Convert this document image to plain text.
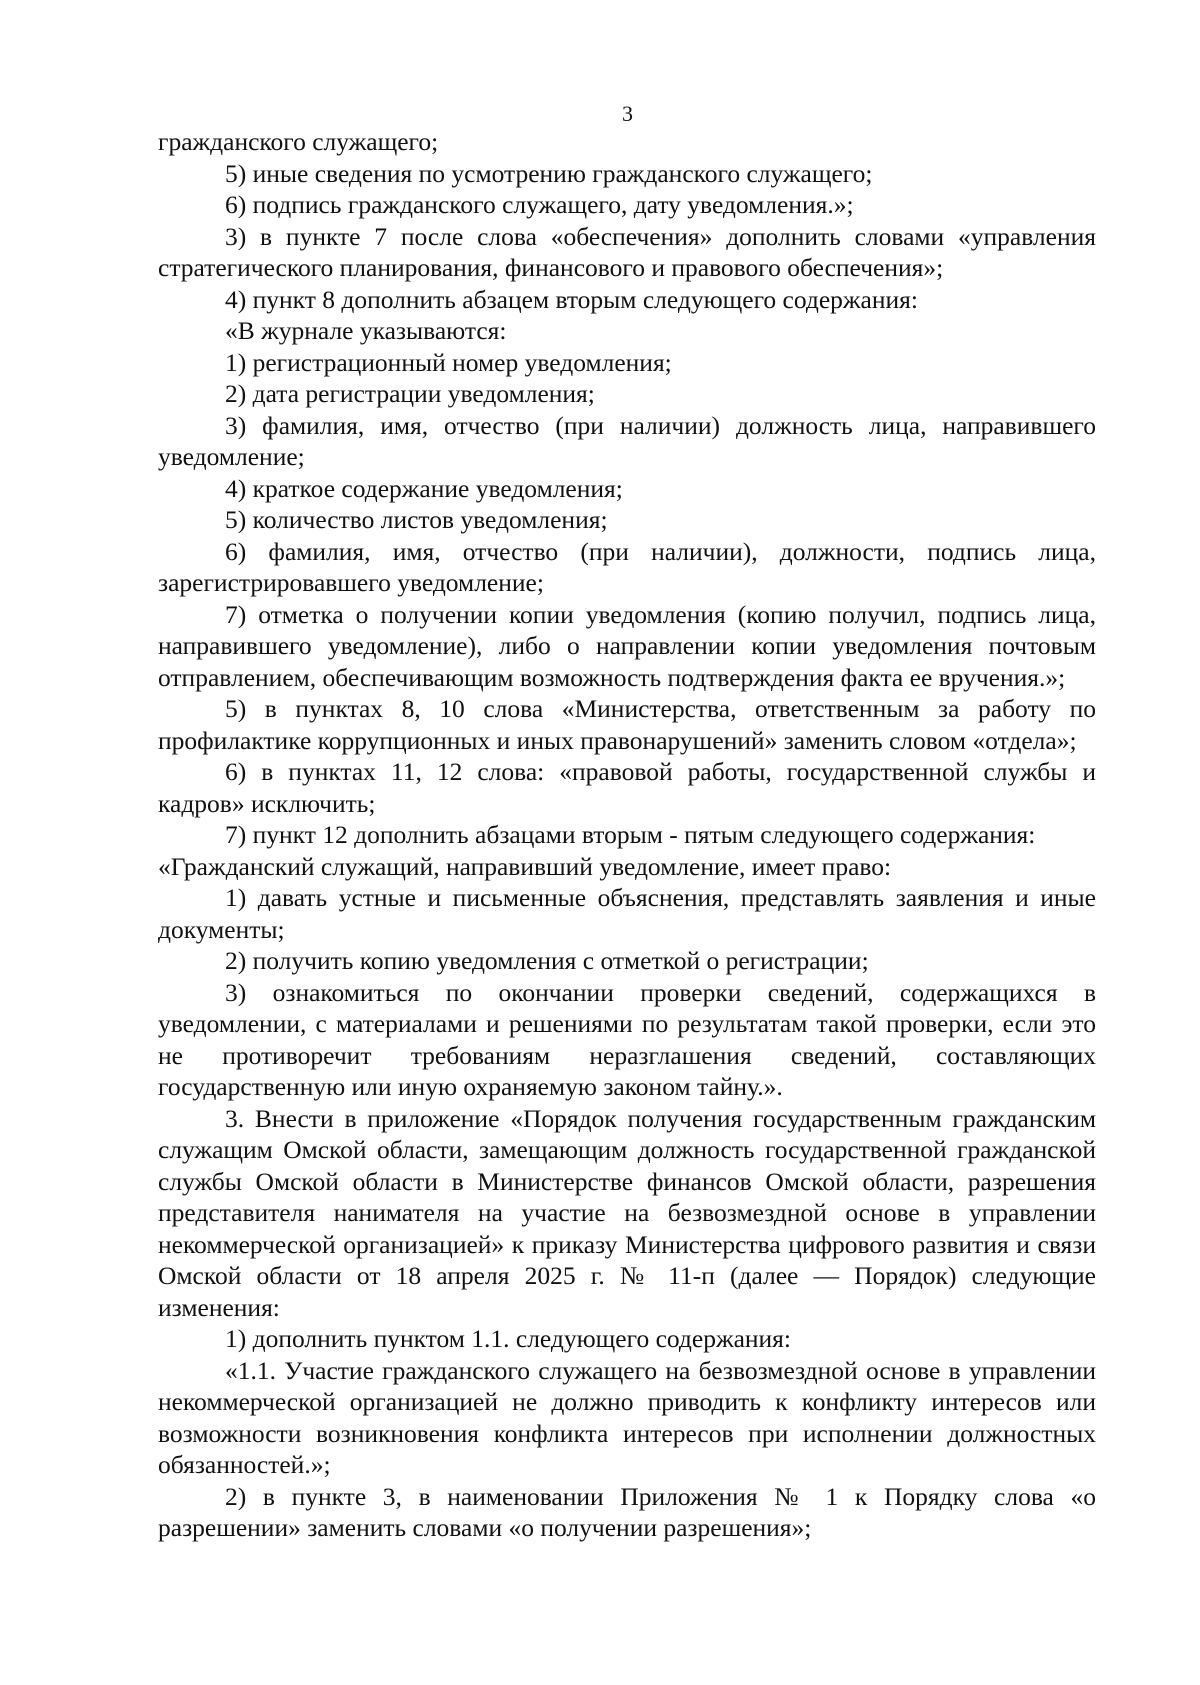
3

гражданского служащего;

5) иные сведения по усмотрению гражданского служащего;

6) подпись гражданского служащего, дату уведомления.»;

3) в пункте 7 после слова «обеспечения» дополнить словами «управления стратегического планирования, финансового и правового обеспечения»;

4) пункт 8 дополнить абзацем вторым следующего содержания:

«В журнале указываются:

1) регистрационный номер уведомления;

2) дата регистрации уведомления;

3) фамилия, имя, отчество (при наличии) должность лица, направившего уведомление;

4) краткое содержание уведомления;

5) количество листов уведомления;

6) фамилия, имя, отчество (при наличии), должности, подпись лица, зарегистрировавшего уведомление;

7) отметка о получении копии уведомления (копию получил, подпись лица, направившего уведомление), либо о направлении копии уведомления почтовым отправлением, обеспечивающим возможность подтверждения факта ее вручения.»;

5) в пунктах 8, 10 слова «Министерства, ответственным за работу по профилактике коррупционных и иных правонарушений» заменить словом «отдела»;

6) в пунктах 11, 12 слова: «правовой работы, государственной службы и кадров» исключить;

7) пункт 12 дополнить абзацами вторым - пятым следующего содержания:

«Гражданский служащий, направивший уведомление, имеет право:

1) давать устные и письменные объяснения, представлять заявления и иные документы;

2) получить копию уведомления с отметкой о регистрации;

3) ознакомиться по окончании проверки сведений, содержащихся в уведомлении, с материалами и решениями по результатам такой проверки, если это не противоречит требованиям неразглашения сведений, составляющих государственную или иную охраняемую законом тайну.».

3. Внести в приложение «Порядок получения государственным гражданским служащим Омской области, замещающим должность государственной гражданской службы Омской области в Министерстве финансов Омской области, разрешения представителя нанимателя на участие на безвозмездной основе в управлении некоммерческой организацией» к приказу Министерства цифрового развития и связи Омской области от 18 апреля 2025 г. № 11-п (далее — Порядок) следующие изменения:

1) дополнить пунктом 1.1. следующего содержания:

«1.1. Участие гражданского служащего на безвозмездной основе в управлении некоммерческой организацией не должно приводить к конфликту интересов или возможности возникновения конфликта интересов при исполнении должностных обязанностей.»;

2) в пункте 3, в наименовании Приложения № 1 к Порядку слова «о разрешении» заменить словами «о получении разрешения»;
